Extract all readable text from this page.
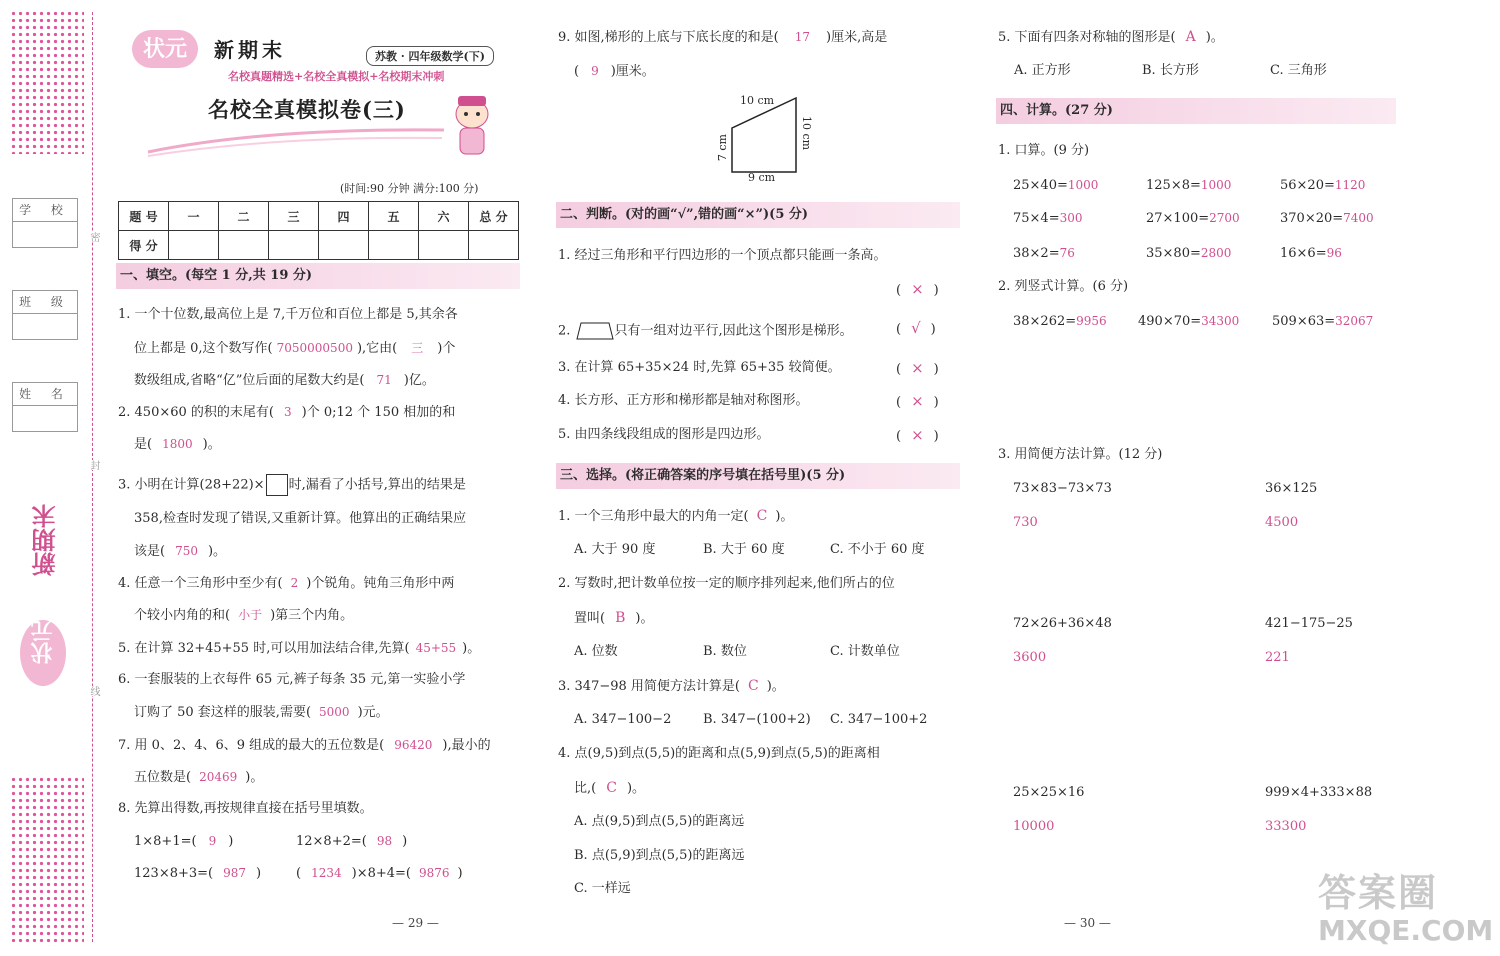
密
封
线
学 校
班 级
姓 名
新期末
状元
状元	新期末	苏教 · 四年级数学(下)
名校真题精选+名校全真模拟+名校期末冲刺
名校全真模拟卷(三)
(时间:90 分钟 满分:100 分)
题 号	一	二	三	四	五	六	总 分
得 分							
一、填空。(每空 1 分,共 19 分)
1. 一个十位数,最高位上是 7,千万位和百位上都是 5,其余各
位上都是 0,这个数写作( 7050000500 ),它由( 三 )个
数级组成,省略“亿”位后面的尾数大约是( 71 )亿。
2. 450×60 的积的末尾有( 3 )个 0;12 个 150 相加的和
是( 1800 )。
3. 小明在计算(28+22)× 时,漏看了小括号,算出的结果是
358,检查时发现了错误,又重新计算。他算出的正确结果应
该是( 750 )。
4. 任意一个三角形中至少有( 2 )个锐角。钝角三角形中两
个较小内角的和( 小于 )第三个内角。
5. 在计算 32+45+55 时,可以用加法结合律,先算( 45+55 )。
6. 一套服装的上衣每件 65 元,裤子每条 35 元,第一实验小学
订购了 50 套这样的服装,需要( 5000 )元。
7. 用 0、2、4、6、9 组成的最大的五位数是( 96420 ),最小的
五位数是( 20469 )。
8. 先算出得数,再按规律直接在括号里填数。
1×8+1=( 9 )	12×8+2=( 98 )
123×8+3=( 987 )	( 1234 )×8+4=( 9876 )
— 29 —
9. 如图,梯形的上底与下底长度的和是( 17 )厘米,高是
( 9 )厘米。
10 cm
7 cm	10 cm
9 cm
二、判断。(对的画“√”,错的画“×”)(5 分)
1. 经过三角形和平行四边形的一个顶点都只能画一条高。
( × )
2.	只有一组对边平行,因此这个图形是梯形。	( √ )
3. 在计算 65+35×24 时,先算 65+35 较简便。	( × )
4. 长方形、正方形和梯形都是轴对称图形。	( × )
5. 由四条线段组成的图形是四边形。	( × )
三、选择。(将正确答案的序号填在括号里)(5 分)
1. 一个三角形中最大的内角一定( C )。
A. 大于 90 度	B. 大于 60 度	C. 不小于 60 度
2. 写数时,把计数单位按一定的顺序排列起来,他们所占的位
置叫( B )。
A. 位数	B. 数位	C. 计数单位
3. 347−98 用简便方法计算是( C )。
A. 347−100−2 B. 347−(100+2) C. 347−100+2
4. 点(9,5)到点(5,5)的距离和点(5,9)到点(5,5)的距离相
比,( C )。
A. 点(9,5)到点(5,5)的距离远
B. 点(5,9)到点(5,5)的距离远
C. 一样远
5. 下面有四条对称轴的图形是( A )。
A. 正方形	B. 长方形	C. 三角形
四、计算。(27 分)
1. 口算。(9 分)
25×40=1000	125×8=1000	56×20=1120
75×4=300	27×100=2700	370×20=7400
38×2=76	35×80=2800	16×6=96
2. 列竖式计算。(6 分)
38×262=9956 490×70=34300	509×63=32067
3. 用简便方法计算。(12 分)
73×83−73×73
730
36×125
4500
72×26+36×48
3600
421−175−25
221
25×25×16
10000
999×4+333×88
33300
— 30 —
答案圈
MXQE.COM
